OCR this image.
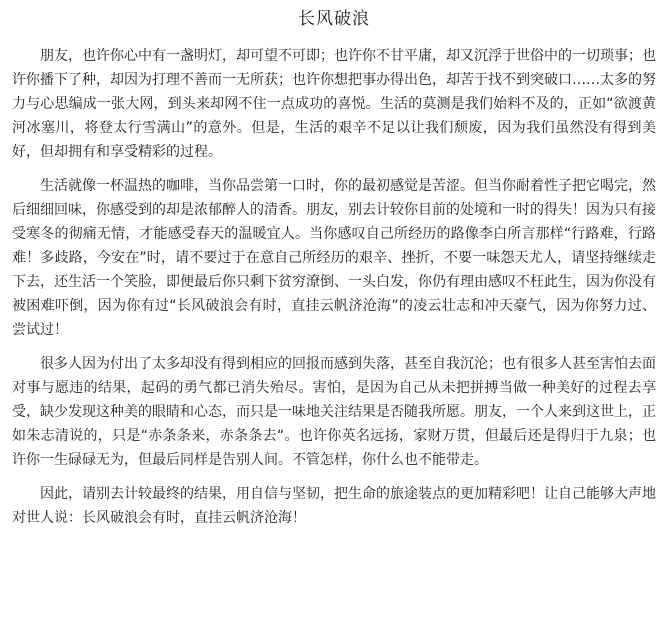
长风破浪

朋友，也许你心中有一盏明灯，却可望不可即；也许你不甘平庸，却又沉浮于世俗中的一切琐事；也许你播下了种，却因为打理不善而一无所获；也许你想把事办得出色，却苦于找不到突破口……太多的努力与心思编成一张大网，到头来却网不住一点成功的喜悦。生活的莫测是我们始料不及的，正如“欲渡黄河冰塞川，将登太行雪满山”的意外。但是，生活的艰辛不足以让我们颓废，因为我们虽然没有得到美好，但却拥有和享受精彩的过程。

生活就像一杯温热的咖啡，当你品尝第一口时，你的最初感觉是苦涩。但当你耐着性子把它喝完，然后细细回味，你感受到的却是浓郁醉人的清香。朋友，别去计较你目前的处境和一时的得失！因为只有接受寒冬的彻痛无情，才能感受春天的温暖宜人。当你感叹自己所经历的路像李白所言那样“行路难，行路难！多歧路，今安在”时，请不要过于在意自己所经历的艰辛、挫折，不要一味怨天尤人，请坚持继续走下去，还生活一个笑脸，即便最后你只剩下贫穷潦倒、一头白发，你仍有理由感叹不枉此生，因为你没有被困难吓倒，因为你有过“长风破浪会有时，直挂云帆济沧海”的凌云壮志和冲天豪气，因为你努力过、尝试过！

很多人因为付出了太多却没有得到相应的回报而感到失落，甚至自我沉沦；也有很多人甚至害怕去面对事与愿违的结果，起码的勇气都已消失殆尽。害怕，是因为自己从未把拼搏当做一种美好的过程去享受，缺少发现这种美的眼睛和心态，而只是一味地关注结果是否随我所愿。朋友，一个人来到这世上，正如朱志清说的，只是“赤条条来，赤条条去“。也许你英名远扬，家财万贯，但最后还是得归于九泉；也许你一生碌碌无为，但最后同样是告别人间。不管怎样，你什么也不能带走。

因此，请别去计较最终的结果，用自信与坚韧，把生命的旅途装点的更加精彩吧！让自己能够大声地对世人说：长风破浪会有时，直挂云帆济沧海！
